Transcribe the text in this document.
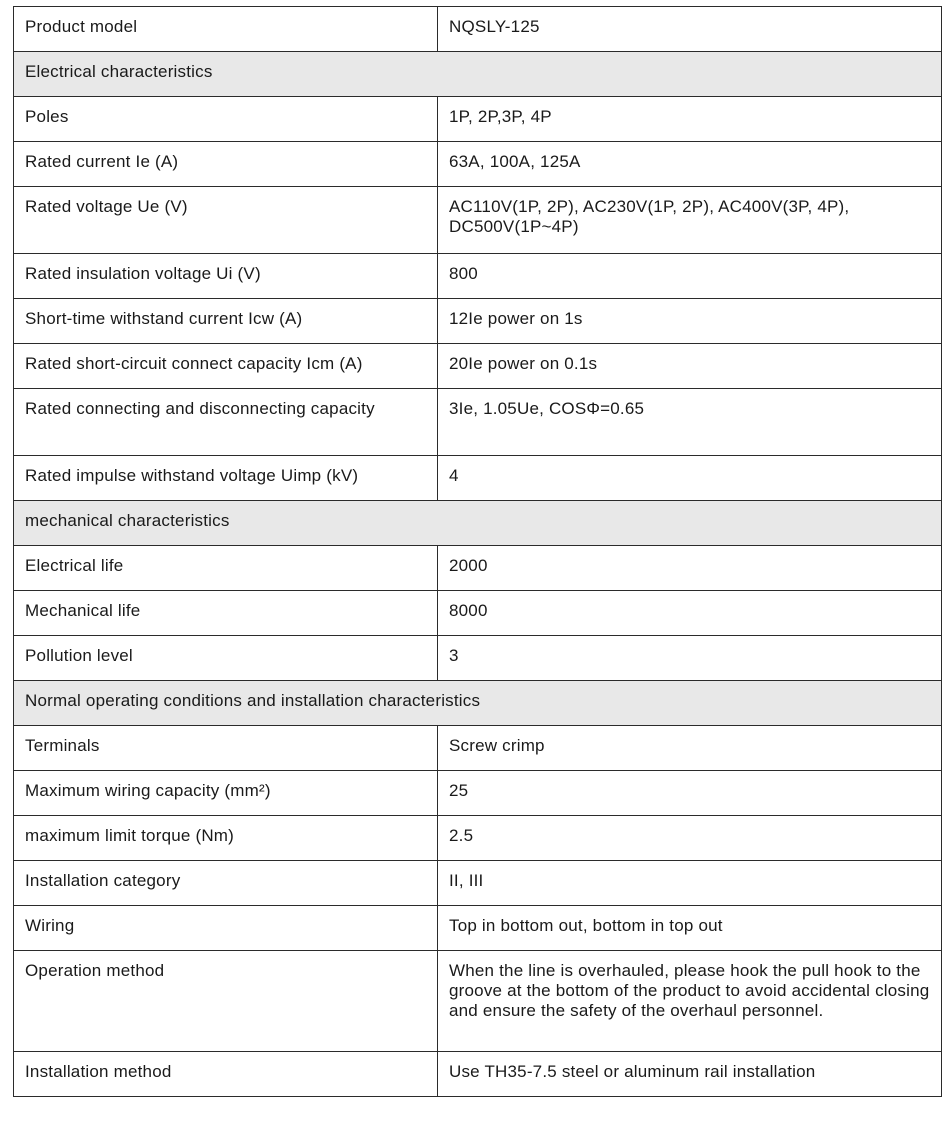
Product model	NQSLY-125
Electrical characteristics	
Poles	1P, 2P,3P, 4P
Rated current Ie (A)	63A, 100A, 125A
Rated voltage Ue (V)	AC110V(1P, 2P), AC230V(1P, 2P), AC400V(3P, 4P), DC500V(1P~4P)
Rated insulation voltage Ui (V)	800
Short-time withstand current Icw (A)	12Ie power on 1s
Rated short-circuit connect capacity Icm (A)	20Ie power on 0.1s
Rated connecting and disconnecting capacity	3Ie, 1.05Ue, COSΦ=0.65
Rated impulse withstand voltage Uimp (kV)	4
mechanical characteristics	
Electrical life	2000
Mechanical life	8000
Pollution level	3
Normal operating conditions and installation characteristics	
Terminals	Screw crimp
Maximum wiring capacity (mm²)	25
maximum limit torque (Nm)	2.5
Installation category	II, III
Wiring	Top in bottom out, bottom in top out
Operation method	When the line is overhauled, please hook the pull hook to the groove at the bottom of the product to avoid accidental closing and ensure the safety of the overhaul personnel.
Installation method	Use TH35-7.5 steel or aluminum rail installation
